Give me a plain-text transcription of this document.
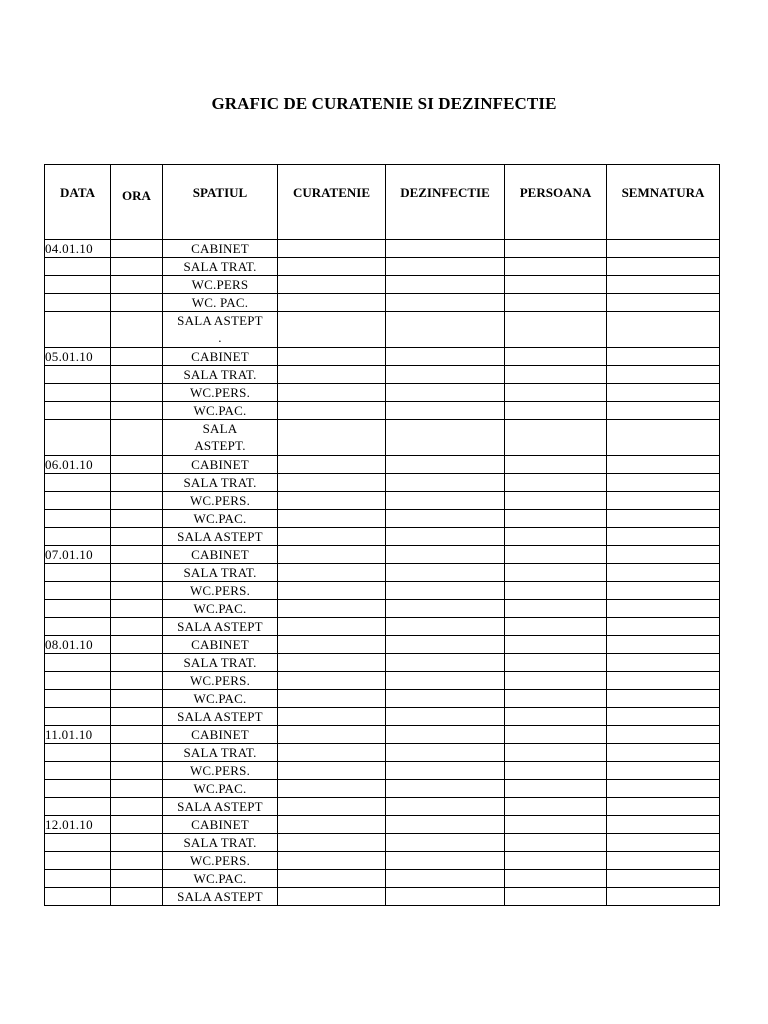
GRAFIC DE CURATENIE SI DEZINFECTIE
DATA	ORA	SPATIUL	CURATENIE	DEZINFECTIE	PERSOANA	SEMNATURA
04.01.10		CABINET				
		SALA TRAT.				
		WC.PERS				
		WC. PAC.				
		SALA ASTEPT
.				
05.01.10		CABINET				
		SALA TRAT.				
		WC.PERS.				
		WC.PAC.				
		SALA
ASTEPT.				
06.01.10		CABINET				
		SALA TRAT.				
		WC.PERS.				
		WC.PAC.				
		SALA ASTEPT				
07.01.10		CABINET				
		SALA TRAT.				
		WC.PERS.				
		WC.PAC.				
		SALA ASTEPT				
08.01.10		CABINET				
		SALA TRAT.				
		WC.PERS.				
		WC.PAC.				
		SALA ASTEPT				
11.01.10		CABINET				
		SALA TRAT.				
		WC.PERS.				
		WC.PAC.				
		SALA ASTEPT				
12.01.10		CABINET				
		SALA TRAT.				
		WC.PERS.				
		WC.PAC.				
		SALA ASTEPT				
